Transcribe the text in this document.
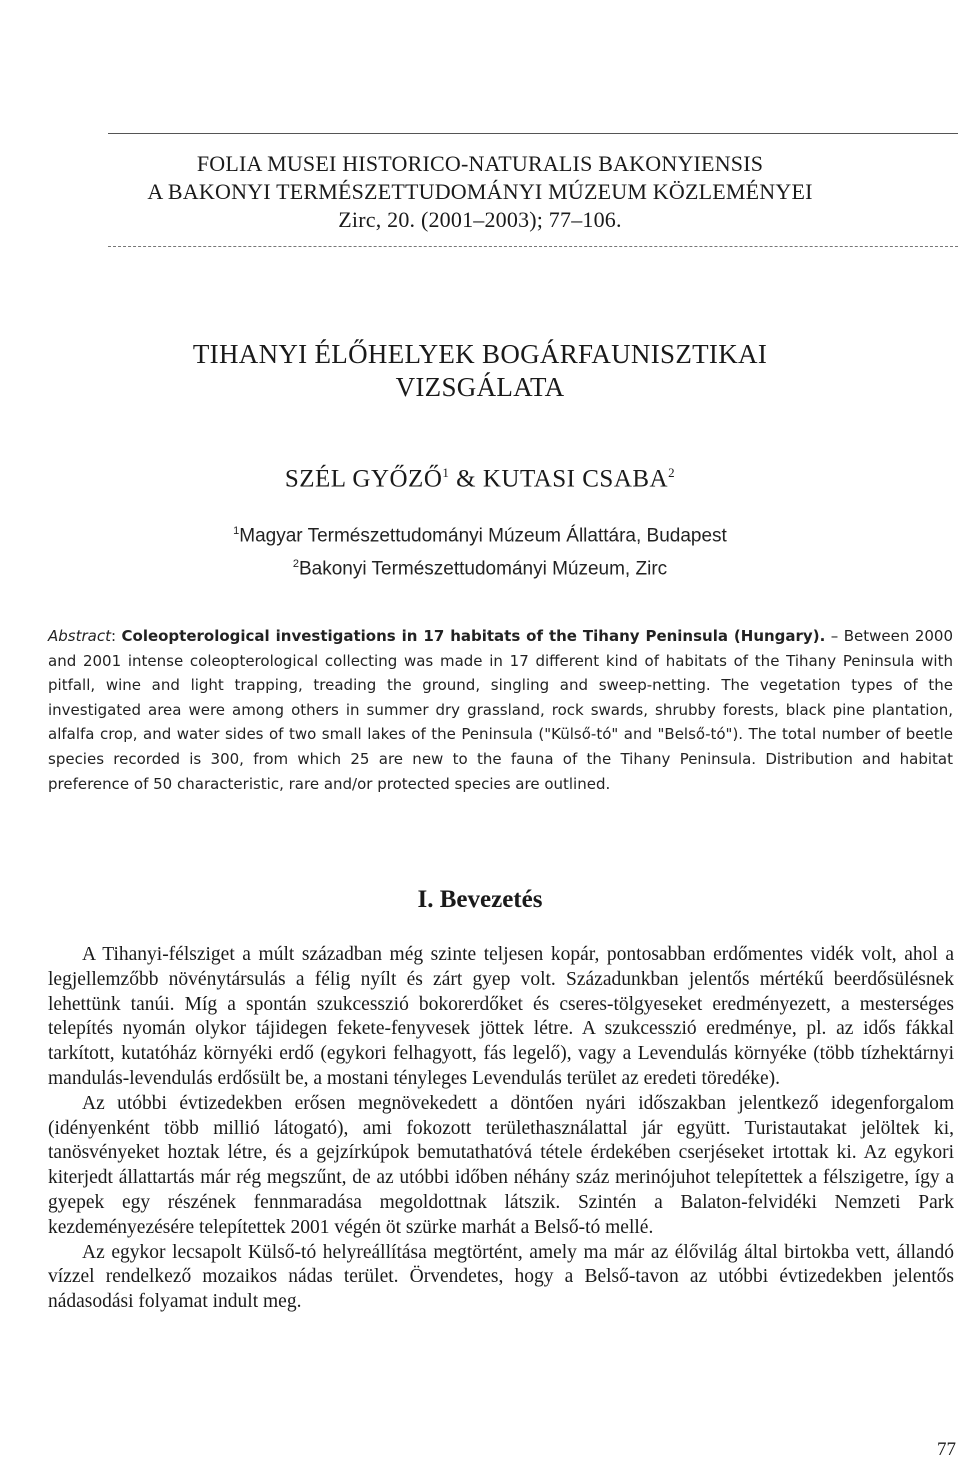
FOLIA MUSEI HISTORICO-NATURALIS BAKONYIENSIS
A BAKONYI TERMÉSZETTUDOMÁNYI MÚZEUM KÖZLEMÉNYEI
Zirc, 20. (2001–2003); 77–106.
TIHANYI ÉLŐHELYEK BOGÁRFAUNISZTIKAI
VIZSGÁLATA
SZÉL GYŐZŐ$^1$ & KUTASI CSABA$^2$
$^1$Magyar Természettudományi Múzeum Állattára, Budapest
$^2$Bakonyi Természettudományi Múzeum, Zirc
Abstract: Coleopterological investigations in 17 habitats of the Tihany Peninsula (Hungary). – Between 2000 and 2001 intense coleopterological collecting was made in 17 different kind of habitats of the Tihany Peninsula with pitfall, wine and light trapping, treading the ground, singling and sweep-netting. The vegetation types of the investigated area were among others in summer dry grassland, rock swards, shrubby forests, black pine plantation, alfalfa crop, and water sides of two small lakes of the Peninsula ("Külső-tó" and "Belső-tó"). The total number of beetle species recorded is 300, from which 25 are new to the fauna of the Tihany Peninsula. Distribution and habitat preference of 50 characteristic, rare and/or protected species are outlined.
I. Bevezetés

A Tihanyi-félsziget a múlt században még szinte teljesen kopár, pontosabban erdőmentes vidék volt, ahol a legjellemzőbb növénytársulás a félig nyílt és zárt gyep volt. Századunkban jelentős mértékű beerdősülésnek lehettünk tanúi. Míg a spontán szukcesszió bokorerdőket és cseres-tölgyeseket eredményezett, a mesterséges telepítés nyomán olykor tájidegen fekete-fenyvesek jöttek létre. A szukcesszió eredménye, pl. az idős fákkal tarkított, kutatóház környéki erdő (egykori felhagyott, fás legelő), vagy a Levendulás környéke (több tízhektárnyi mandulás-levendulás erdősült be, a mostani tényleges Levendulás terület az eredeti töredéke).

Az utóbbi évtizedekben erősen megnövekedett a döntően nyári időszakban jelentkező idegenforgalom (idényenként több millió látogató), ami fokozott területhasználattal jár együtt. Turistautakat jelöltek ki, tanösvényeket hoztak létre, és a gejzírkúpok bemutathatóvá tétele érdekében cserjéseket irtottak ki. Az egykori kiterjedt állattartás már rég megszűnt, de az utóbbi időben néhány száz merinójuhot telepítettek a félszigetre, így a gyepek egy részének fennmaradása megoldottnak látszik. Szintén a Balaton-felvidéki Nemzeti Park kezdeményezésére telepítettek 2001 végén öt szürke marhát a Belső-tó mellé.

Az egykor lecsapolt Külső-tó helyreállítása megtörtént, amely ma már az élővilág által birtokba vett, állandó vízzel rendelkező mozaikos nádas terület. Örvendetes, hogy a Belső-tavon az utóbbi évtizedekben jelentős nádasodási folyamat indult meg.

77
